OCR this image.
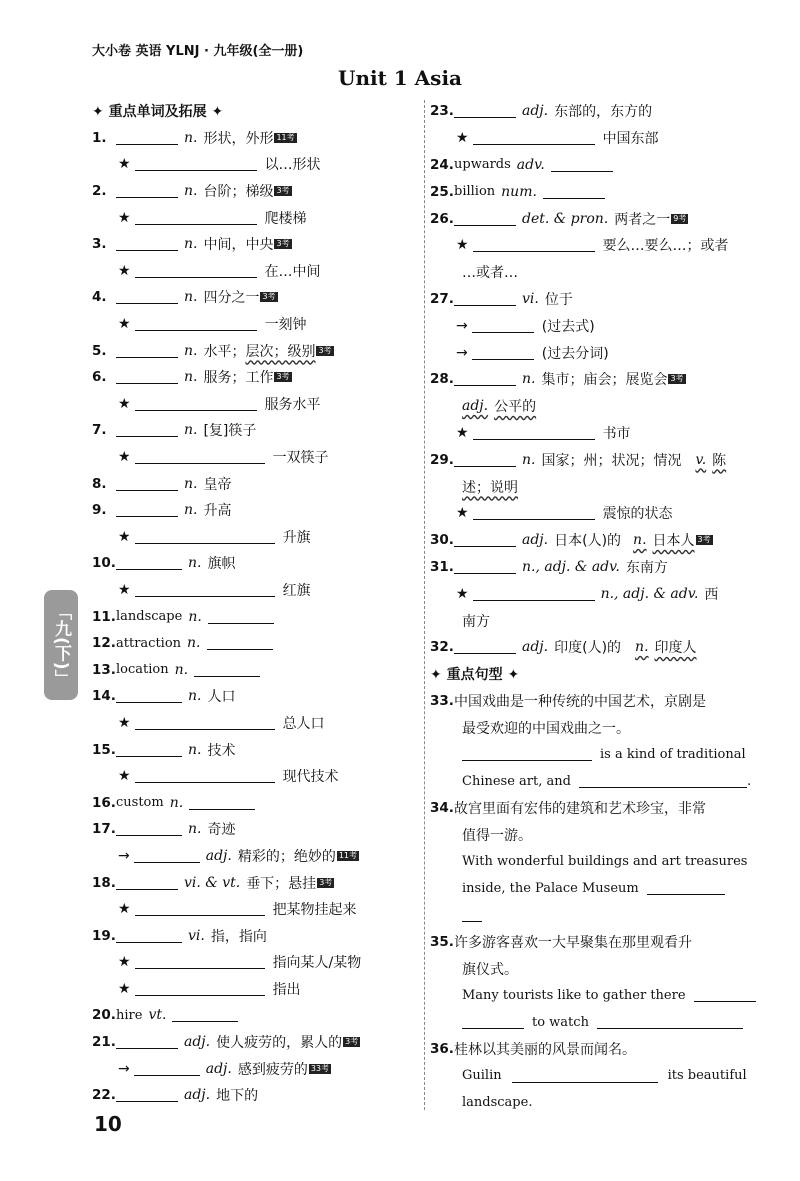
大小卷 英语 YLNJ · 九年级(全一册)
Unit 1 Asia
「九(下)」
✦ 重点单词及拓展 ✦
1.	n. 形状，外形 11考
★	以…形状
2.	n. 台阶；梯级 3考
★	爬楼梯
3.	n. 中间，中央 3考
★	在…中间
4.	n. 四分之一 3考
★	一刻钟
5.	n. 水平； 层次；级别 3考
6.	n. 服务；工作 3考
★	服务水平
7.	n. [复]筷子
★	一双筷子
8.	n. 皇帝
9.	n. 升高
★	升旗
10.	n. 旗帜
★	红旗
11. landscape n.
12. attraction n.
13. location n.
14.	n. 人口
★	总人口
15.	n. 技术
★	现代技术
16. custom n.
17.	n. 奇迹
→	adj. 精彩的；绝妙的 11考
18.	vi. & vt. 垂下；悬挂 3考
★	把某物挂起来
19.	vi. 指，指向
★	指向某人/某物
★	指出
20. hire vt.
21.	adj. 使人疲劳的，累人的 3考
→	adj. 感到疲劳的 33考
22.	adj. 地下的
23.	adj. 东部的，东方的
★	中国东部
24. upwards adv.
25. billion num.
26.	det. & pron. 两者之一 9考
★	要么…要么…；或者
…或者…
27.	vi. 位于
→	(过去式)
→	(过去分词)
28.	n. 集市；庙会；展览会 3考
adj. 公平的
★	书市
29.	n. 国家；州；状况；情况 v. 陈
述；说明
★	震惊的状态
30.	adj. 日本(人)的 n. 日本人 3考
31.	n., adj. & adv. 东南方
★	n., adj. & adv. 西
南方
32.	adj. 印度(人)的 n. 印度人
✦ 重点句型 ✦
33. 中国戏曲是一种传统的中国艺术，京剧是
最受欢迎的中国戏曲之一。
is a kind of traditional
Chinese art, and	.
34. 故宫里面有宏伟的建筑和艺术珍宝，非常
值得一游。
With wonderful buildings and art treasures
inside, the Palace Museum
35. 许多游客喜欢一大早聚集在那里观看升
旗仪式。
Many tourists like to gather there
to watch
36. 桂林以其美丽的风景而闻名。
Guilin	its beautiful
landscape.
10
